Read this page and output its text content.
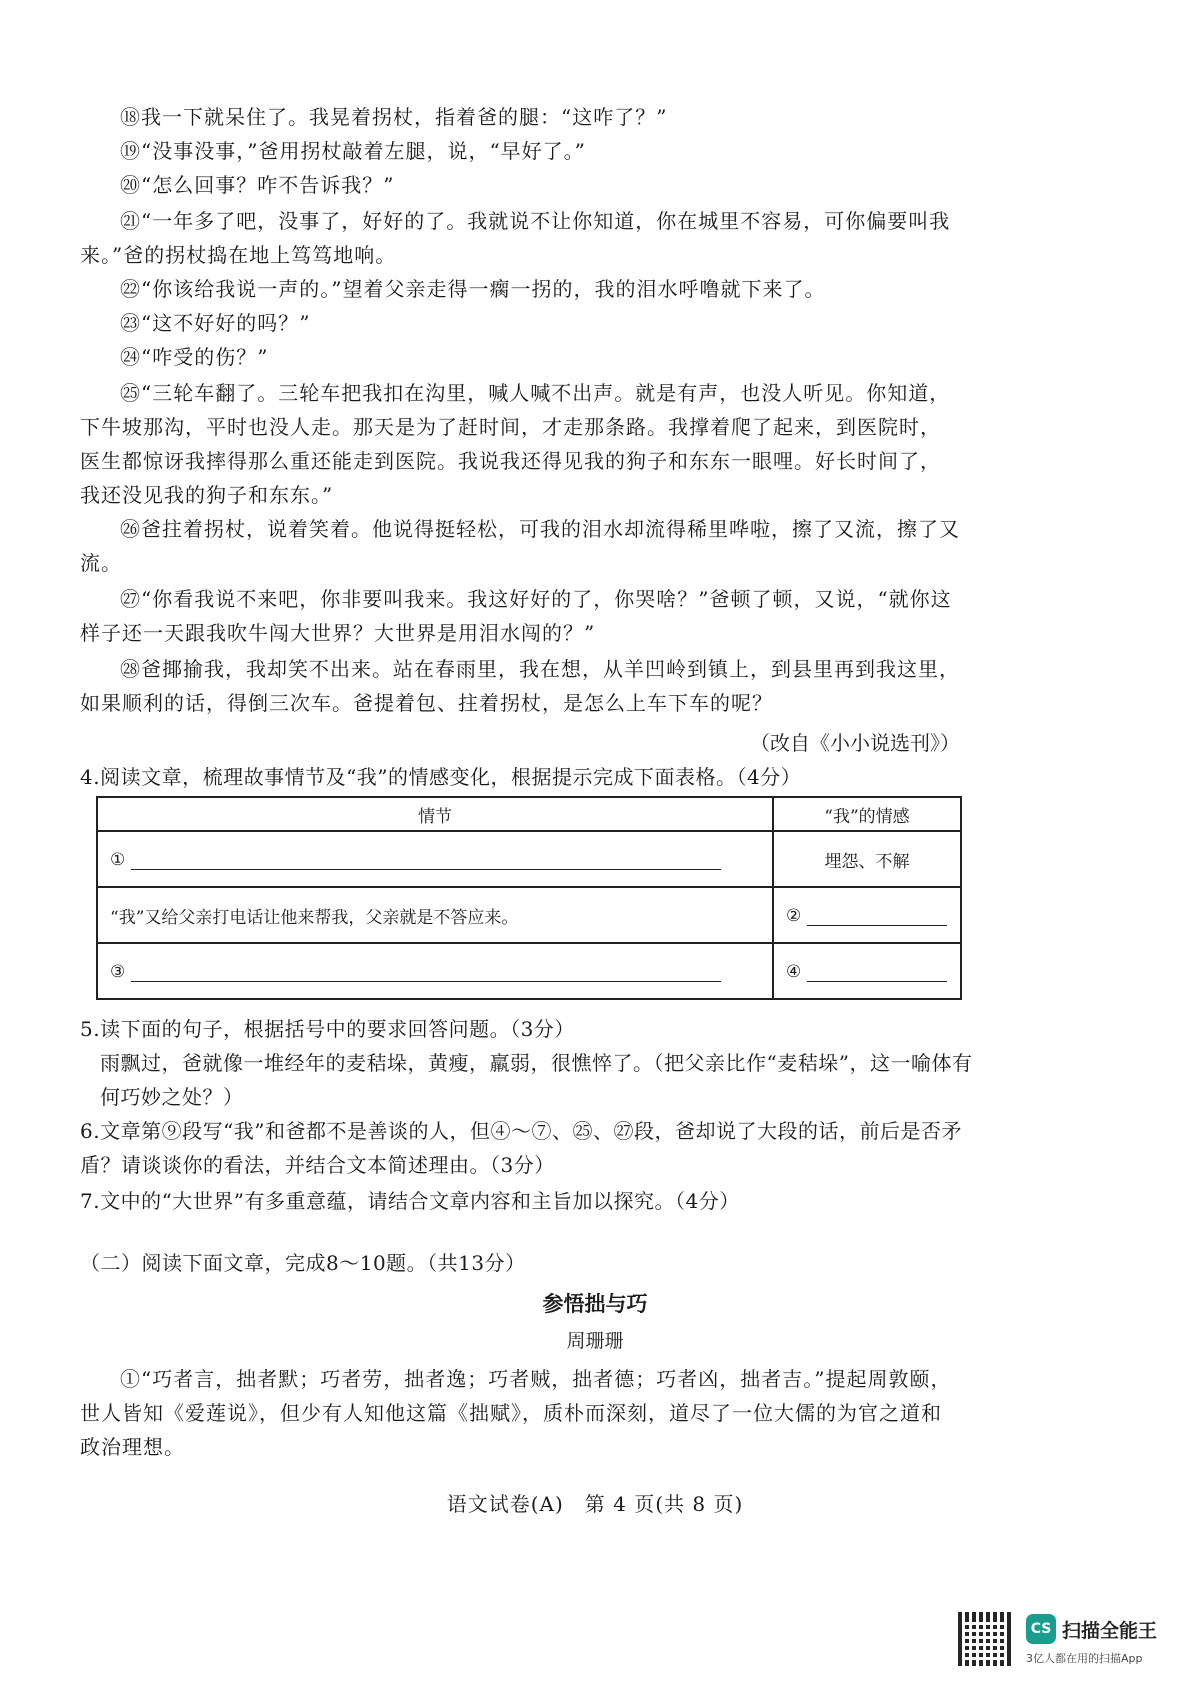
⑱我一下就呆住了。我晃着拐杖，指着爸的腿：“这咋了？”

⑲“没事没事，”爸用拐杖敲着左腿，说，“早好了。”

⑳“怎么回事？咋不告诉我？”

㉑“一年多了吧，没事了，好好的了。我就说不让你知道，你在城里不容易，可你偏要叫我来。”爸的拐杖捣在地上笃笃地响。

㉒“你该给我说一声的。”望着父亲走得一瘸一拐的，我的泪水呼噜就下来了。

㉓“这不好好的吗？”

㉔“咋受的伤？”

㉕“三轮车翻了。三轮车把我扣在沟里，喊人喊不出声。就是有声，也没人听见。你知道，下牛坡那沟，平时也没人走。那天是为了赶时间，才走那条路。我撑着爬了起来，到医院时，医生都惊讶我摔得那么重还能走到医院。我说我还得见我的狗子和东东一眼哩。好长时间了，我还没见我的狗子和东东。”

㉖爸拄着拐杖，说着笑着。他说得挺轻松，可我的泪水却流得稀里哗啦，擦了又流，擦了又流。

㉗“你看我说不来吧，你非要叫我来。我这好好的了，你哭啥？”爸顿了顿，又说，“就你这样子还一天跟我吹牛闯大世界？大世界是用泪水闯的？”

㉘爸揶揄我，我却笑不出来。站在春雨里，我在想，从羊凹岭到镇上，到县里再到我这里，如果顺利的话，得倒三次车。爸提着包、拄着拐杖，是怎么上车下车的呢？

（改自《小小说选刊》）

4.阅读文章，梳理故事情节及“我”的情感变化，根据提示完成下面表格。（4分）

情节	“我”的情感
①	埋怨、不解
“我”又给父亲打电话让他来帮我，父亲就是不答应来。	②
③	④

5.读下面的句子，根据括号中的要求回答问题。（3分）
雨飘过，爸就像一堆经年的麦秸垛，黄瘦，羸弱，很憔悴了。（把父亲比作“麦秸垛”，这一喻体有何巧妙之处？）

6.文章第⑨段写“我”和爸都不是善谈的人，但④～⑦、㉕、㉗段，爸却说了大段的话，前后是否矛盾？请谈谈你的看法，并结合文本简述理由。（3分）

7.文中的“大世界”有多重意蕴，请结合文章内容和主旨加以探究。（4分）

（二）阅读下面文章，完成8～10题。（共13分）

参悟拙与巧
周珊珊

①“巧者言，拙者默；巧者劳，拙者逸；巧者贼，拙者德；巧者凶，拙者吉。”提起周敦颐，世人皆知《爱莲说》，但少有人知他这篇《拙赋》，质朴而深刻，道尽了一位大儒的为官之道和政治理想。

语文试卷(A)　第 4 页(共 8 页)
CS 扫描全能王
3亿人都在用的扫描App
